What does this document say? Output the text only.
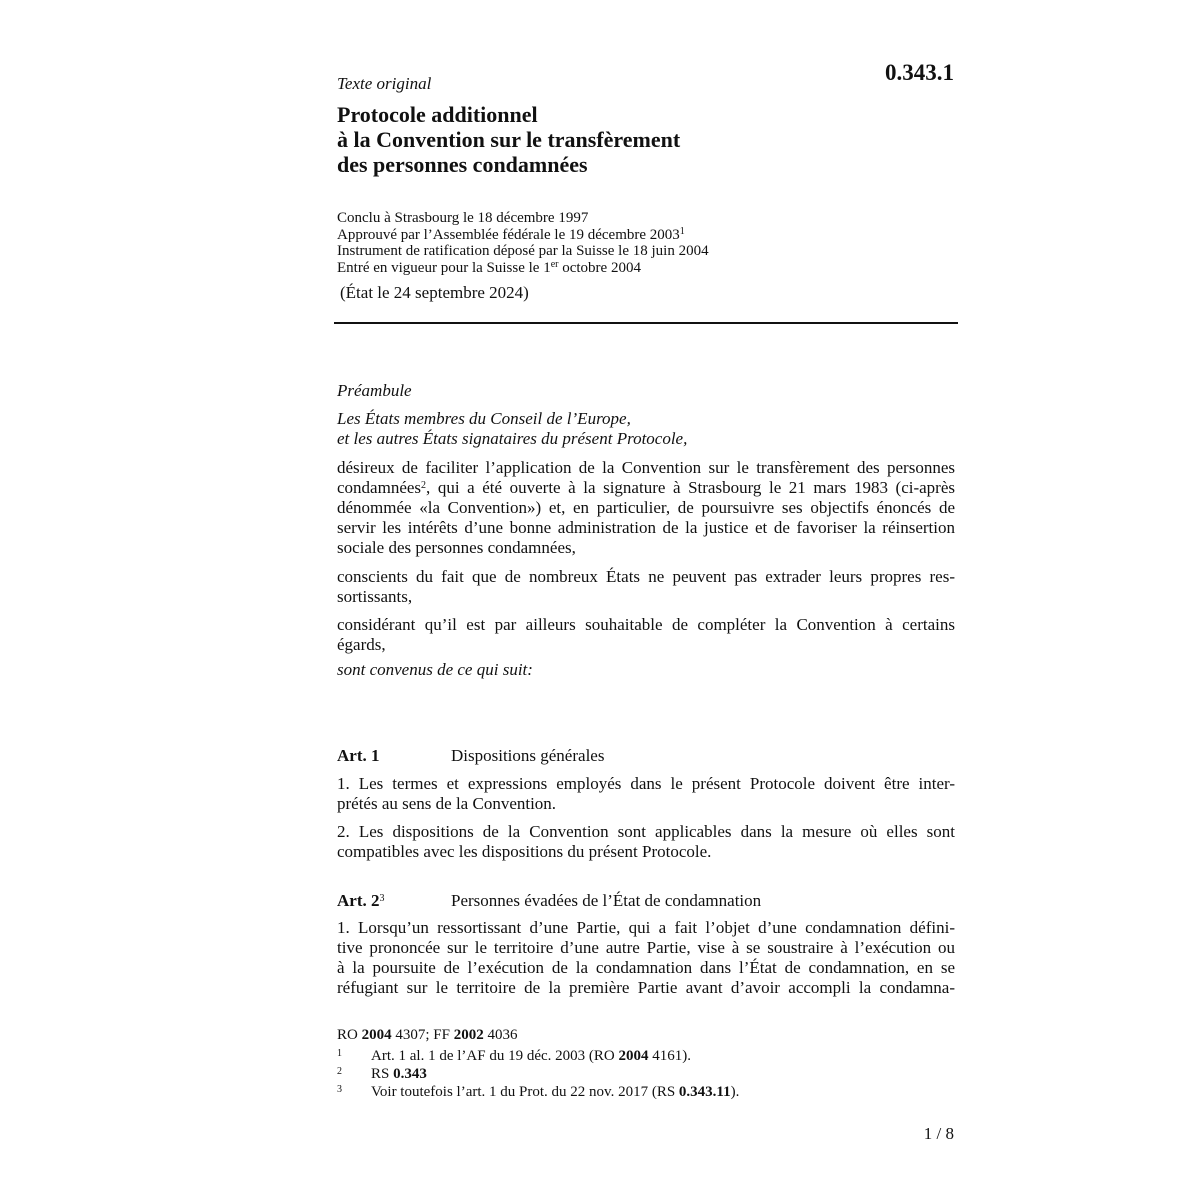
0.343.1
Texte original
Protocole additionnel
à la Convention sur le transfèrement
des personnes condamnées
Conclu à Strasbourg le 18 décembre 1997
Approuvé par l’Assemblée fédérale le 19 décembre 2003$^1$
Instrument de ratification déposé par la Suisse le 18 juin 2004
Entré en vigueur pour la Suisse le 1er octobre 2004
(État le 24 septembre 2024)
Préambule
Les États membres du Conseil de l’Europe,
et les autres États signataires du présent Protocole,
désireux de faciliter l’application de la Convention sur le transfèrement des personnes
condamnées$^2$, qui a été ouverte à la signature à Strasbourg le 21 mars 1983 (ci-après
dénommée «la Convention») et, en particulier, de poursuivre ses objectifs énoncés de
servir les intérêts d’une bonne administration de la justice et de favoriser la réinsertion
sociale des personnes condamnées,
conscients du fait que de nombreux États ne peuvent pas extrader leurs propres res-
sortissants,
considérant qu’il est par ailleurs souhaitable de compléter la Convention à certains
égards,
sont convenus de ce qui suit:
Art. 1	Dispositions générales
1. Les termes et expressions employés dans le présent Protocole doivent être inter-
prétés au sens de la Convention.
2. Les dispositions de la Convention sont applicables dans la mesure où elles sont
compatibles avec les dispositions du présent Protocole.
Art. $2^3$	Personnes évadées de l’État de condamnation
1. Lorsqu’un ressortissant d’une Partie, qui a fait l’objet d’une condamnation défini-
tive prononcée sur le territoire d’une autre Partie, vise à se soustraire à l’exécution ou
à la poursuite de l’exécution de la condamnation dans l’État de condamnation, en se
réfugiant sur le territoire de la première Partie avant d’avoir accompli la condamna-
RO 2004 4307; FF 2002 4036
1 Art. 1 al. 1 de l’AF du 19 déc. 2003 (RO 2004 4161).
2 RS 0.343
3 Voir toutefois l’art. 1 du Prot. du 22 nov. 2017 (RS 0.343.11).
1 / 8
